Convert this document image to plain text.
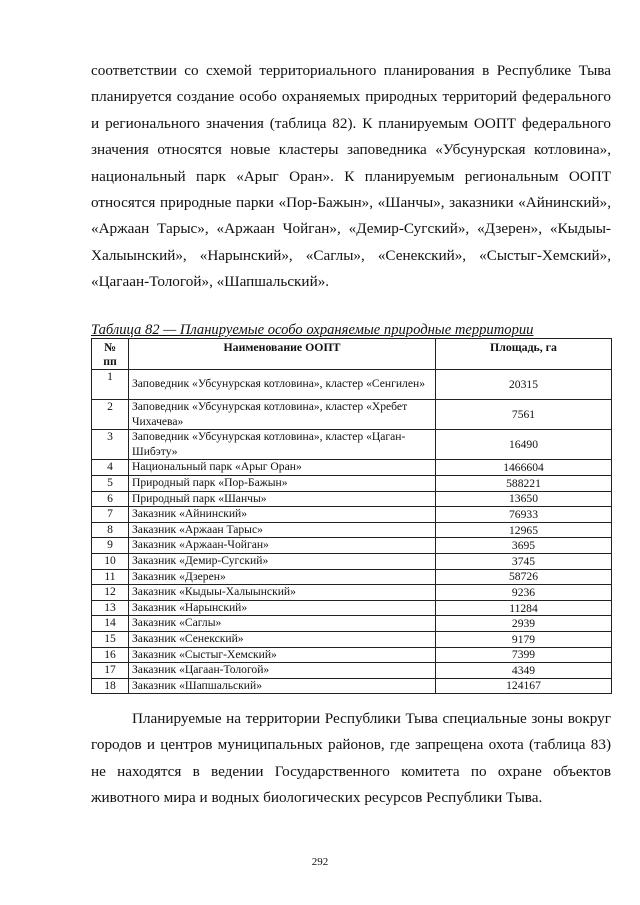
соответствии со схемой территориального планирования в Республике Тыва
планируется создание особо охраняемых природных территорий федерального
и регионального значения (таблица 82). К планируемым ООПТ федерального
значения относятся новые кластеры заповедника «Убсунурская котловина»,
национальный парк «Арыг Оран». К планируемым региональным ООПТ
относятся природные парки «Пор-Бажын», «Шанчы», заказники «Айнинский»,
«Аржаан Тарыс», «Аржаан Чойган», «Демир-Сугский», «Дзерен», «Кыдыы-
Халыынский», «Нарынский», «Саглы», «Сенекский», «Сыстыг-Хемский»,
«Цагаан-Тологой», «Шапшальский».
Таблица 82 — Планируемые особо охраняемые природные территории
№
пп	Наименование ООПТ	Площадь, га
1	Заповедник «Убсунурская котловина», кластер «Сенгилен»	20315
2	Заповедник «Убсунурская котловина», кластер «Хребет Чихачева»	7561
3	Заповедник «Убсунурская котловина», кластер «Цаган-Шибэту»	16490
4	Национальный парк «Арыг Оран»	1466604
5	Природный парк «Пор-Бажын»	588221
6	Природный парк «Шанчы»	13650
7	Заказник «Айнинский»	76933
8	Заказник «Аржаан Тарыс»	12965
9	Заказник «Аржаан-Чойган»	3695
10	Заказник «Демир-Сугский»	3745
11	Заказник «Дзерен»	58726
12	Заказник «Кыдыы-Халыынский»	9236
13	Заказник «Нарынский»	11284
14	Заказник «Саглы»	2939
15	Заказник «Сенекский»	9179
16	Заказник «Сыстыг-Хемский»	7399
17	Заказник «Цагаан-Тологой»	4349
18	Заказник «Шапшальский»	124167
Планируемые на территории Республики Тыва специальные зоны вокруг
городов и центров муниципальных районов, где запрещена охота (таблица 83)
не находятся в ведении Государственного комитета по охране объектов
животного мира и водных биологических ресурсов Республики Тыва.
292
